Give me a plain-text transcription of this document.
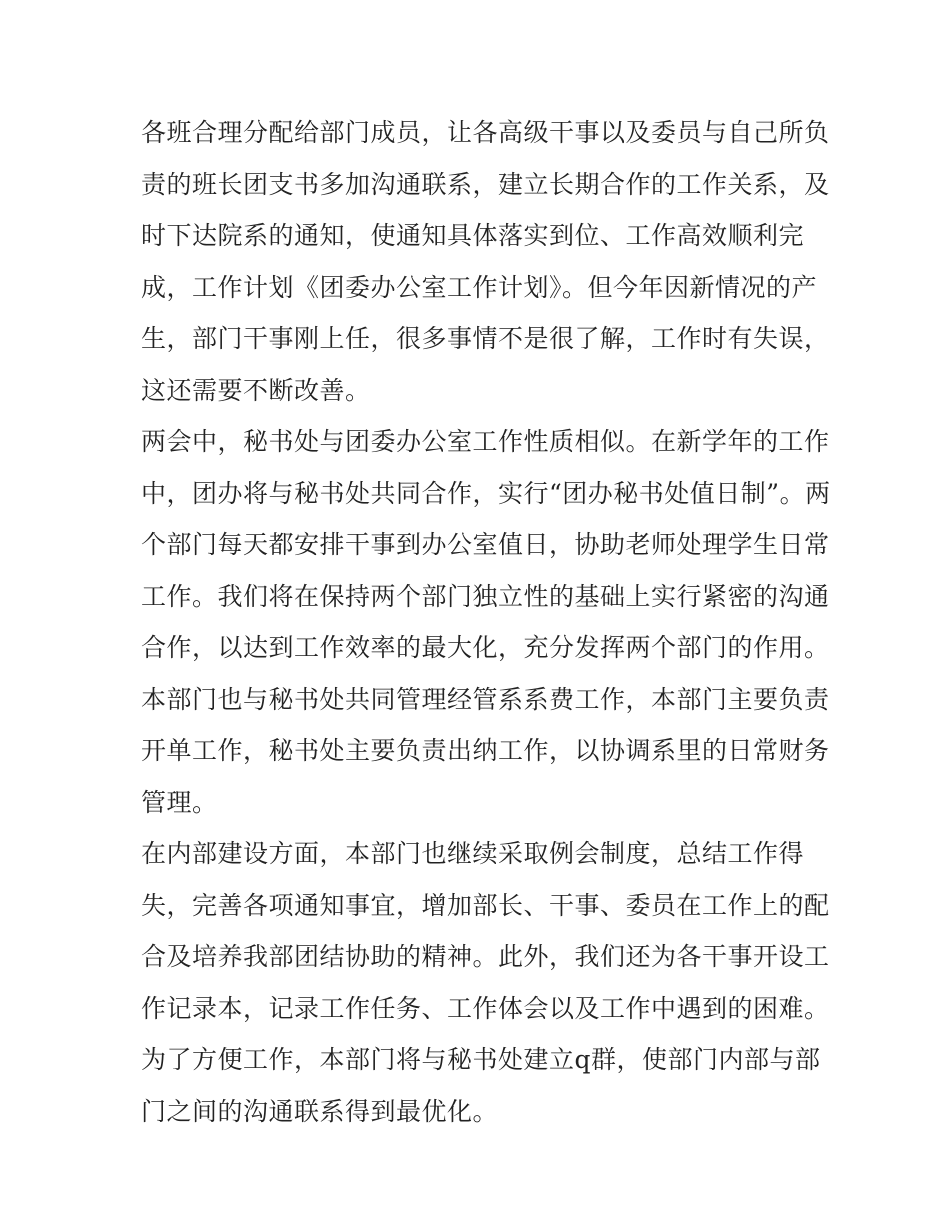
各班合理分配给部门成员，让各高级干事以及委员与自己所负
责的班长团支书多加沟通联系，建立长期合作的工作关系，及
时下达院系的通知，使通知具体落实到位、工作高效顺利完
成，工作计划《团委办公室工作计划》。但今年因新情况的产
生，部门干事刚上任，很多事情不是很了解，工作时有失误，
这还需要不断改善。
两会中，秘书处与团委办公室工作性质相似。在新学年的工作
中，团办将与秘书处共同合作，实行“团办秘书处值日制”。两
个部门每天都安排干事到办公室值日，协助老师处理学生日常
工作。我们将在保持两个部门独立性的基础上实行紧密的沟通
合作，以达到工作效率的最大化，充分发挥两个部门的作用。
本部门也与秘书处共同管理经管系系费工作，本部门主要负责
开单工作，秘书处主要负责出纳工作，以协调系里的日常财务
管理。
在内部建设方面，本部门也继续采取例会制度，总结工作得
失，完善各项通知事宜，增加部长、干事、委员在工作上的配
合及培养我部团结协助的精神。此外，我们还为各干事开设工
作记录本，记录工作任务、工作体会以及工作中遇到的困难。
为了方便工作，本部门将与秘书处建立q群，使部门内部与部
门之间的沟通联系得到最优化。
